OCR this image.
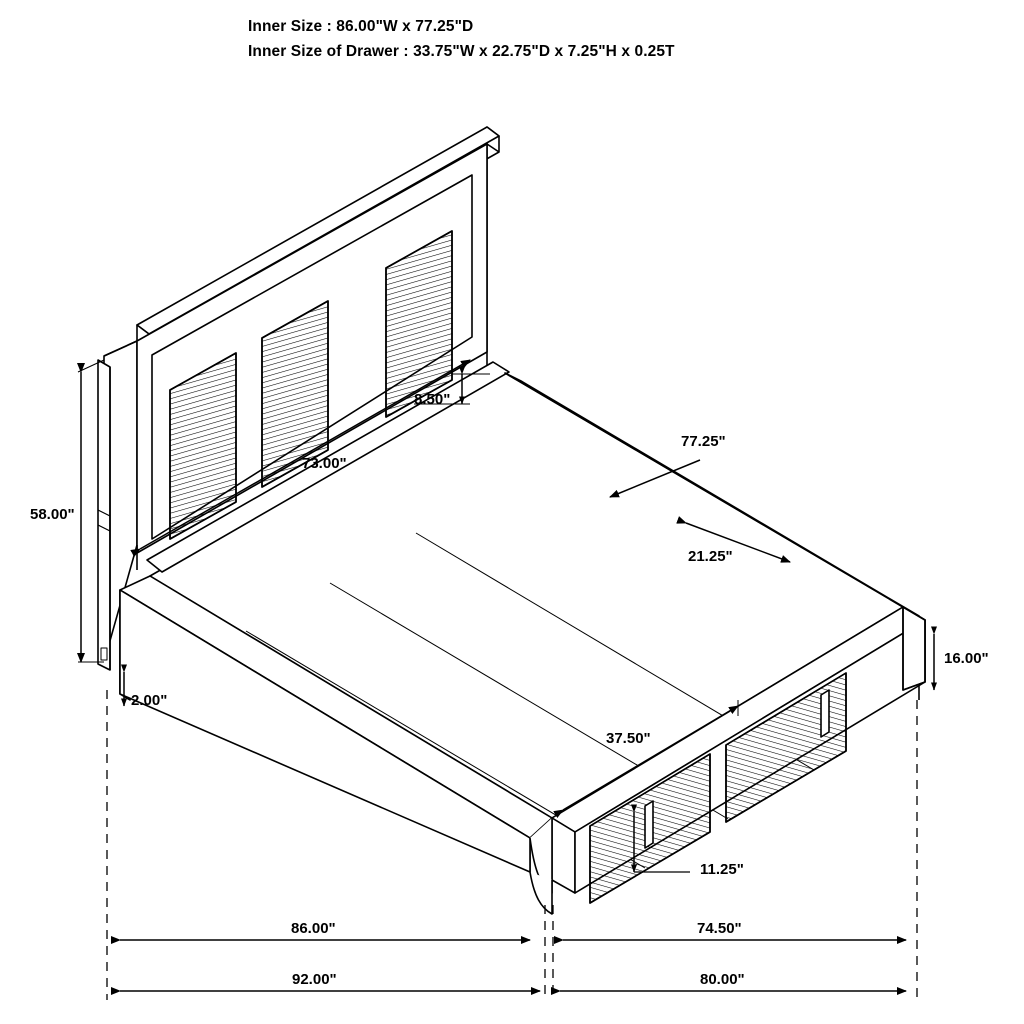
Inner Size : 86.00"W x 77.25"D
Inner Size of Drawer : 33.75"W x 22.75"D x 7.25"H x 0.25T
58.00"
2.00"
8.50"
73.00"
77.25"
21.25"
16.00"
37.50"
11.25"
86.00"	74.50"
92.00"	80.00"
